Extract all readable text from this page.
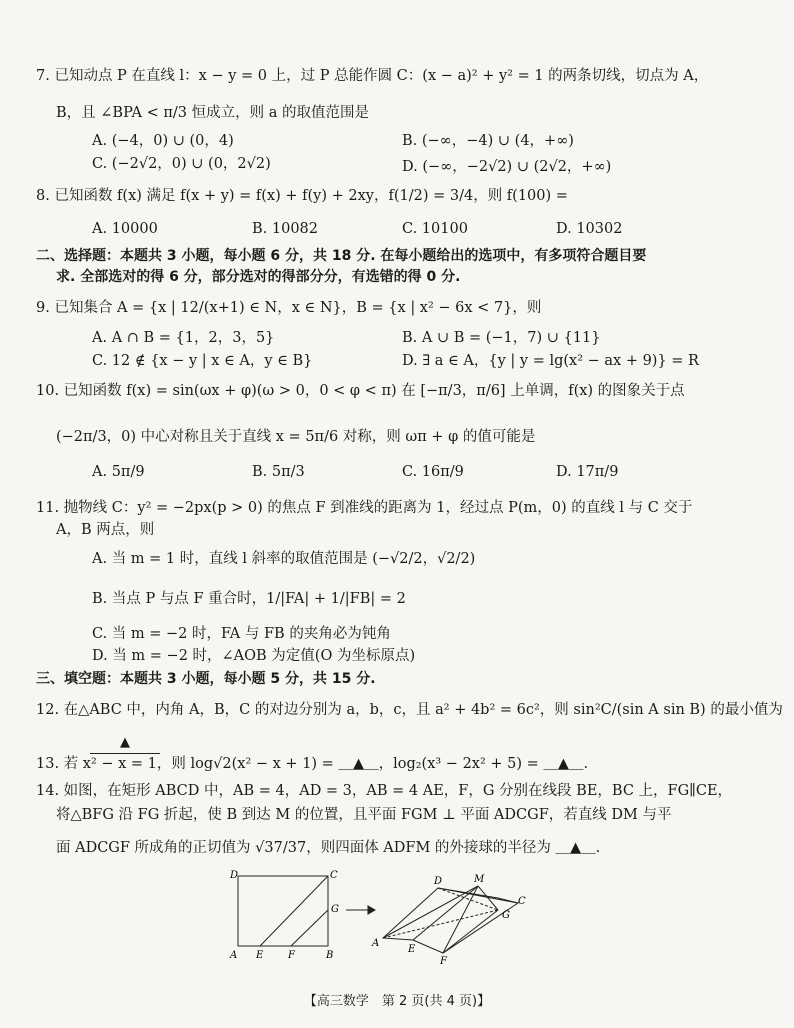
7. 已知动点 P 在直线 l：x − y = 0 上，过 P 总能作圆 C：(x − a)² + y² = 1 的两条切线，切点为 A，
B，且 ∠BPA < π/3 恒成立，则 a 的取值范围是
8. 已知函数 f(x) 满足 f(x + y) = f(x) + f(y) + 2xy，f(1/2) = 3/4，则 f(100) =
二、选择题：本题共 3 小题，每小题 6 分，共 18 分. 在每小题给出的选项中，有多项符合题目要
求. 全部选对的得 6 分，部分选对的得部分分，有选错的得 0 分.
9. 已知集合 A = {x | 12/(x+1) ∈ N，x ∈ N}，B = {x | x² − 6x < 7}，则
10. 已知函数 f(x) = sin(ωx + φ)(ω > 0，0 < φ < π) 在 [−π/3，π/6] 上单调，f(x) 的图象关于点
(−2π/3，0) 中心对称且关于直线 x = 5π/6 对称，则 ωπ + φ 的值可能是
11. 抛物线 C：y² = −2px(p > 0) 的焦点 F 到准线的距离为 1，经过点 P(m，0) 的直线 l 与 C 交于
A，B 两点，则
A. 当 m = 1 时，直线 l 斜率的取值范围是 (−√2/2，√2/2)
B. 当点 P 与点 F 重合时，1/|FA| + 1/|FB| = 2
C. 当 m = −2 时，FA 与 FB 的夹角必为钝角
D. 当 m = −2 时，∠AOB 为定值(O 为坐标原点)
三、填空题：本题共 3 小题，每小题 5 分，共 15 分.
12. 在△ABC 中，内角 A，B，C 的对边分别为 a，b，c，且 a² + 4b² = 6c²，则 sin²C/(sin A sin B) 的最小值为
13. 若 x² − x = 1，则 log√2(x² − x + 1) = ＿▲＿，log₂(x³ − 2x² + 5) = ＿▲＿.
14. 如图，在矩形 ABCD 中，AB = 4，AD = 3，AB = 4 AE，F，G 分别在线段 BE，BC 上，FG∥CE，
将△BFG 沿 FG 折起，使 B 到达 M 的位置，且平面 FGM ⊥ 平面 ADCGF，若直线 DM 与平
面 ADCGF 所成角的正切值为 √37/37，则四面体 ADFM 的外接球的半径为 ＿▲＿.
A. (−4，0) ∪ (0，4)	B. (−∞，−4) ∪ (4，+∞)
C. (−2√2，0) ∪ (0，2√2)	D. (−∞，−2√2) ∪ (2√2，+∞)
A. 10000	B. 10082	C. 10100	D. 10302
A. A ∩ B = {1，2，3，5}	B. A ∪ B = (−1，7) ∪ {11}
C. 12 ∉ {x − y | x ∈ A，y ∈ B}	D. ∃ a ∈ A，{y | y = lg(x² − ax + 9)} = R
A. 5π/9	B. 5π/3	C. 16π/9	D. 17π/9
▲
D	C
G
A E F	B
M
C
G
A
E
F
D
【高三数学　第 2 页(共 4 页)】
